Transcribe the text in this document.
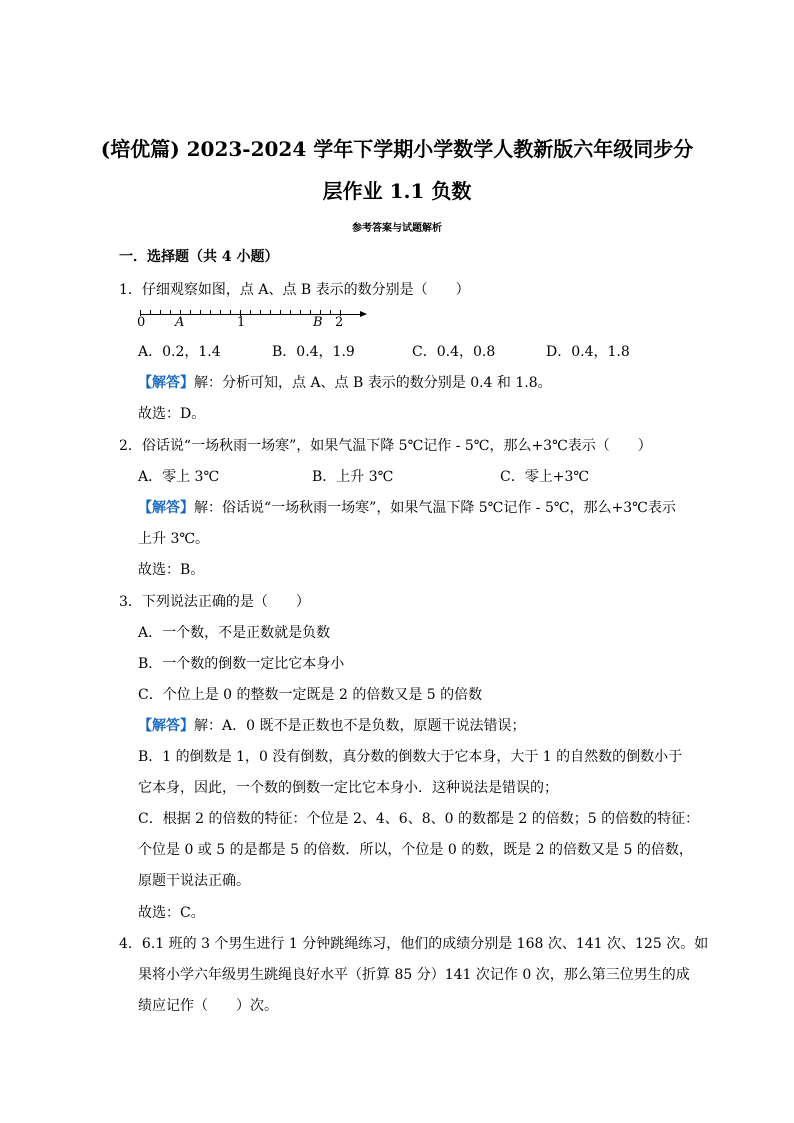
(培优篇) 2023-2024 学年下学期小学数学人教新版六年级同步分
层作业 1.1 负数
参考答案与试题解析
一．选择题（共 4 小题）
1．仔细观察如图，点 A、点 B 表示的数分别是（　　）
0 A	1	B 2
A．0.2，1.4	B．0.4，1.9	C．0.4，0.8	D．0.4，1.8
【解答】解：分析可知，点 A、点 B 表示的数分别是 0.4 和 1.8。
故选：D。
2．俗话说“一场秋雨一场寒”，如果气温下降 5℃记作 - 5℃，那么+3℃表示（　　）
A．零上 3℃	B．上升 3℃	C．零上+3℃
【解答】解：俗话说“一场秋雨一场寒”，如果气温下降 5℃记作 - 5℃，那么+3℃表示
上升 3℃。
故选：B。
3．下列说法正确的是（　　）
A．一个数，不是正数就是负数
B．一个数的倒数一定比它本身小
C．个位上是 0 的整数一定既是 2 的倍数又是 5 的倍数
【解答】解：A．0 既不是正数也不是负数，原题干说法错误；
B．1 的倒数是 1，0 没有倒数，真分数的倒数大于它本身，大于 1 的自然数的倒数小于
它本身，因此，一个数的倒数一定比它本身小．这种说法是错误的；
C．根据 2 的倍数的特征：个位是 2、4、6、8、0 的数都是 2 的倍数；5 的倍数的特征：
个位是 0 或 5 的是都是 5 的倍数．所以，个位是 0 的数，既是 2 的倍数又是 5 的倍数，
原题干说法正确。
故选：C。
4．6.1 班的 3 个男生进行 1 分钟跳绳练习，他们的成绩分别是 168 次、141 次、125 次。如
果将小学六年级男生跳绳良好水平（折算 85 分）141 次记作 0 次，那么第三位男生的成
绩应记作（　　）次。
